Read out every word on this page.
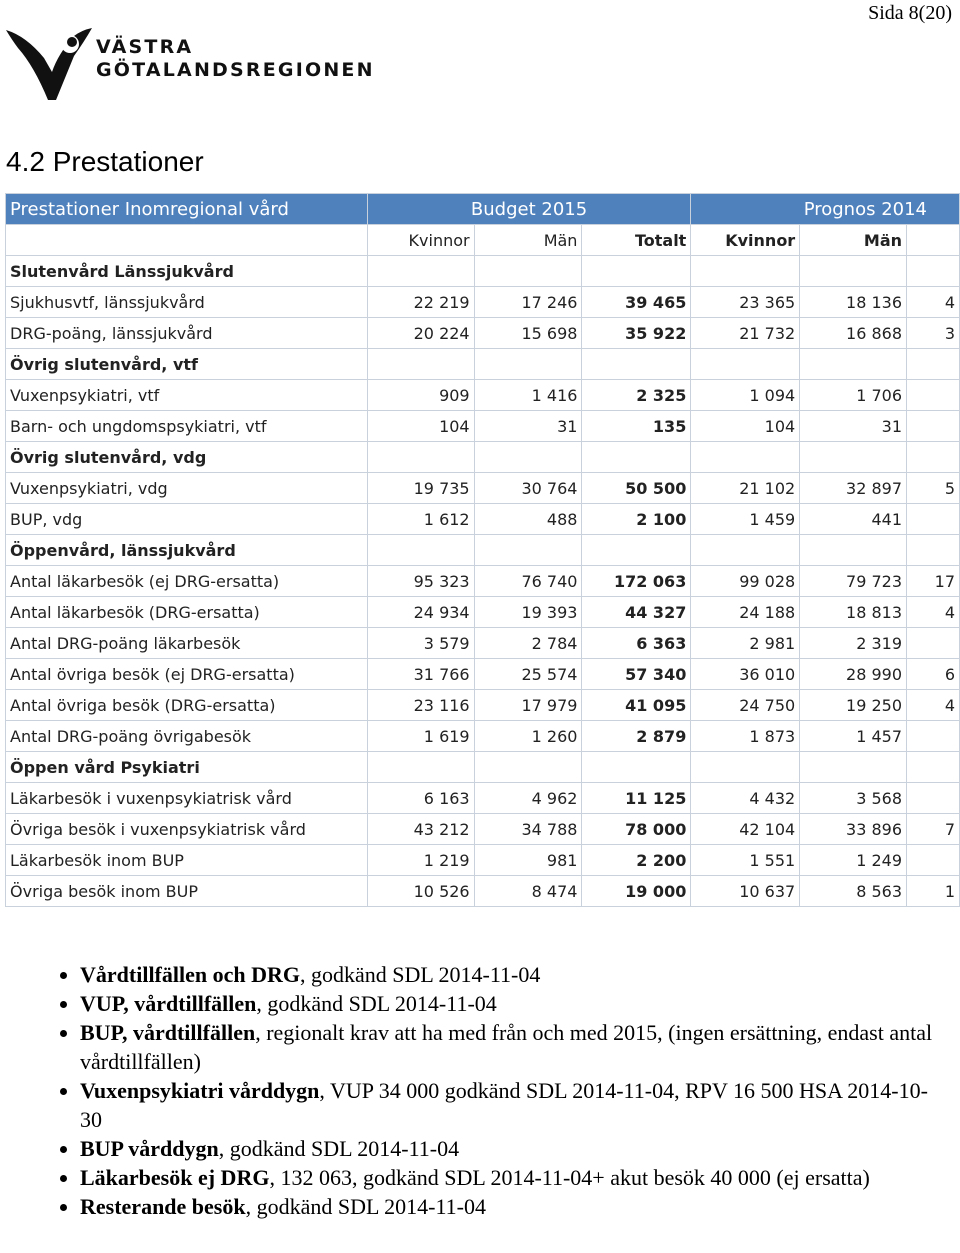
Sida 8(20)
VÄSTRA
GÖTALANDSREGIONEN
4.2 Prestationer
Prestationer Inomregional vård	Budget 2015			Prognos 2014		
	Kvinnor	Män	Totalt	Kvinnor	Män	
Slutenvård Länssjukvård						
Sjukhusvtf, länssjukvård	22 219	17 246	39 465	23 365	18 136	4
DRG-poäng, länssjukvård	20 224	15 698	35 922	21 732	16 868	3
Övrig slutenvård, vtf						
Vuxenpsykiatri, vtf	909	1 416	2 325	1 094	1 706	
Barn- och ungdomspsykiatri, vtf	104	31	135	104	31	
Övrig slutenvård, vdg						
Vuxenpsykiatri, vdg	19 735	30 764	50 500	21 102	32 897	5
BUP, vdg	1 612	488	2 100	1 459	441	
Öppenvård, länssjukvård						
Antal läkarbesök (ej DRG-ersatta)	95 323	76 740	172 063	99 028	79 723	17
Antal läkarbesök (DRG-ersatta)	24 934	19 393	44 327	24 188	18 813	4
Antal DRG-poäng läkarbesök	3 579	2 784	6 363	2 981	2 319	
Antal övriga besök (ej DRG-ersatta)	31 766	25 574	57 340	36 010	28 990	6
Antal övriga besök (DRG-ersatta)	23 116	17 979	41 095	24 750	19 250	4
Antal DRG-poäng övrigabesök	1 619	1 260	2 879	1 873	1 457	
Öppen vård Psykiatri						
Läkarbesök i vuxenpsykiatrisk vård	6 163	4 962	11 125	4 432	3 568	
Övriga besök i vuxenpsykiatrisk vård	43 212	34 788	78 000	42 104	33 896	7
Läkarbesök inom BUP	1 219	981	2 200	1 551	1 249	
Övriga besök inom BUP	10 526	8 474	19 000	10 637	8 563	1
• Vårdtillfällen och DRG, godkänd SDL 2014-11-04
• VUP, vårdtillfällen, godkänd SDL 2014-11-04
• BUP, vårdtillfällen, regionalt krav att ha med från och med 2015, (ingen ersättning, endast antal vårdtillfällen)
• Vuxenpsykiatri vårddygn, VUP 34 000 godkänd SDL 2014-11-04, RPV 16 500 HSA 2014-10-30
• BUP vårddygn, godkänd SDL 2014-11-04
• Läkarbesök ej DRG, 132 063, godkänd SDL 2014-11-04+ akut besök 40 000 (ej ersatta)
• Resterande besök, godkänd SDL 2014-11-04
